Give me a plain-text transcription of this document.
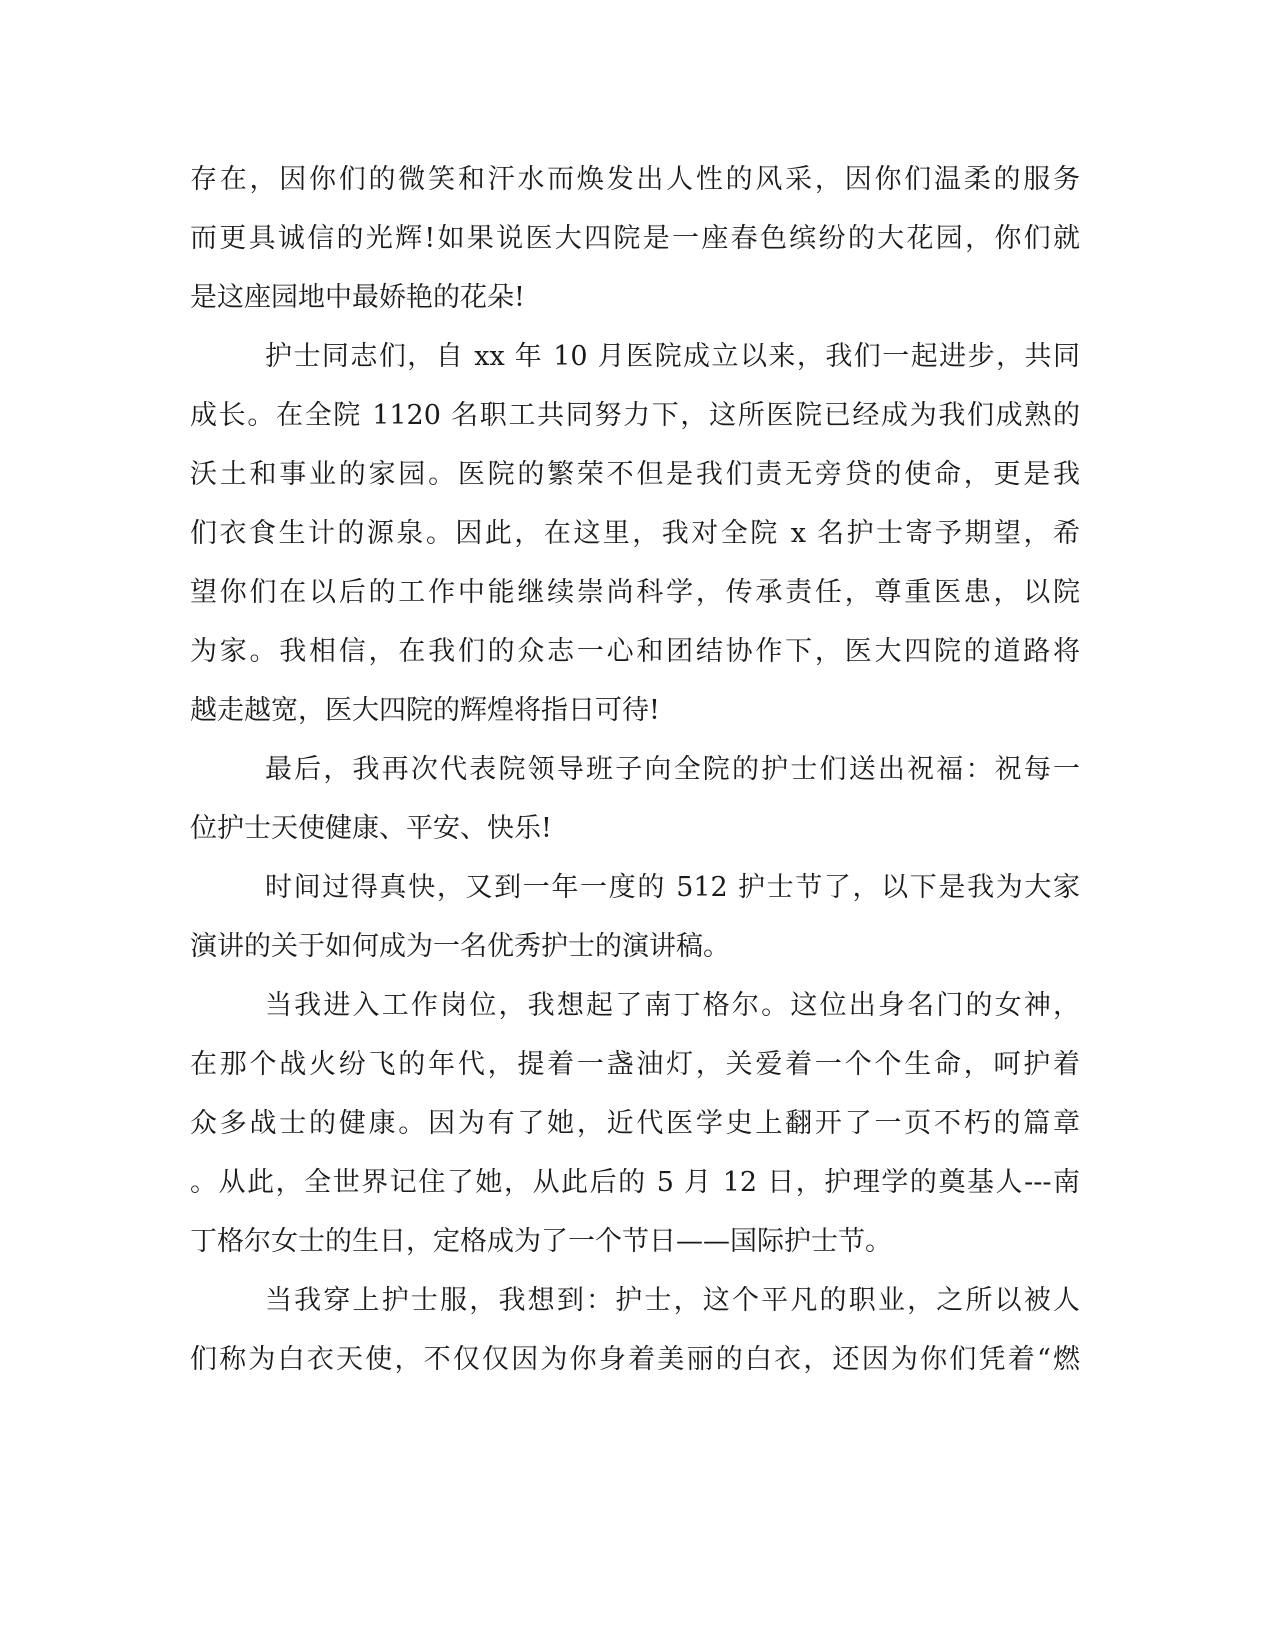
存在，因你们的微笑和汗水而焕发出人性的风采，因你们温柔的服务
而更具诚信的光辉!如果说医大四院是一座春色缤纷的大花园，你们就
是这座园地中最娇艳的花朵!
护士同志们，自 xx 年 10 月医院成立以来，我们一起进步，共同
成长。在全院 1120 名职工共同努力下，这所医院已经成为我们成熟的
沃土和事业的家园。医院的繁荣不但是我们责无旁贷的使命，更是我
们衣食生计的源泉。因此，在这里，我对全院 x 名护士寄予期望，希
望你们在以后的工作中能继续崇尚科学，传承责任，尊重医患，以院
为家。我相信，在我们的众志一心和团结协作下，医大四院的道路将
越走越宽，医大四院的辉煌将指日可待!
最后，我再次代表院领导班子向全院的护士们送出祝福：祝每一
位护士天使健康、平安、快乐!
时间过得真快，又到一年一度的 512 护士节了，以下是我为大家
演讲的关于如何成为一名优秀护士的演讲稿。
当我进入工作岗位，我想起了南丁格尔。这位出身名门的女神，
在那个战火纷飞的年代，提着一盏油灯，关爱着一个个生命，呵护着
众多战士的健康。因为有了她，近代医学史上翻开了一页不朽的篇章
。从此，全世界记住了她，从此后的 5 月 12 日，护理学的奠基人---南
丁格尔女士的生日，定格成为了一个节日——国际护士节。
当我穿上护士服，我想到：护士，这个平凡的职业，之所以被人
们称为白衣天使，不仅仅因为你身着美丽的白衣，还因为你们凭着“燃
